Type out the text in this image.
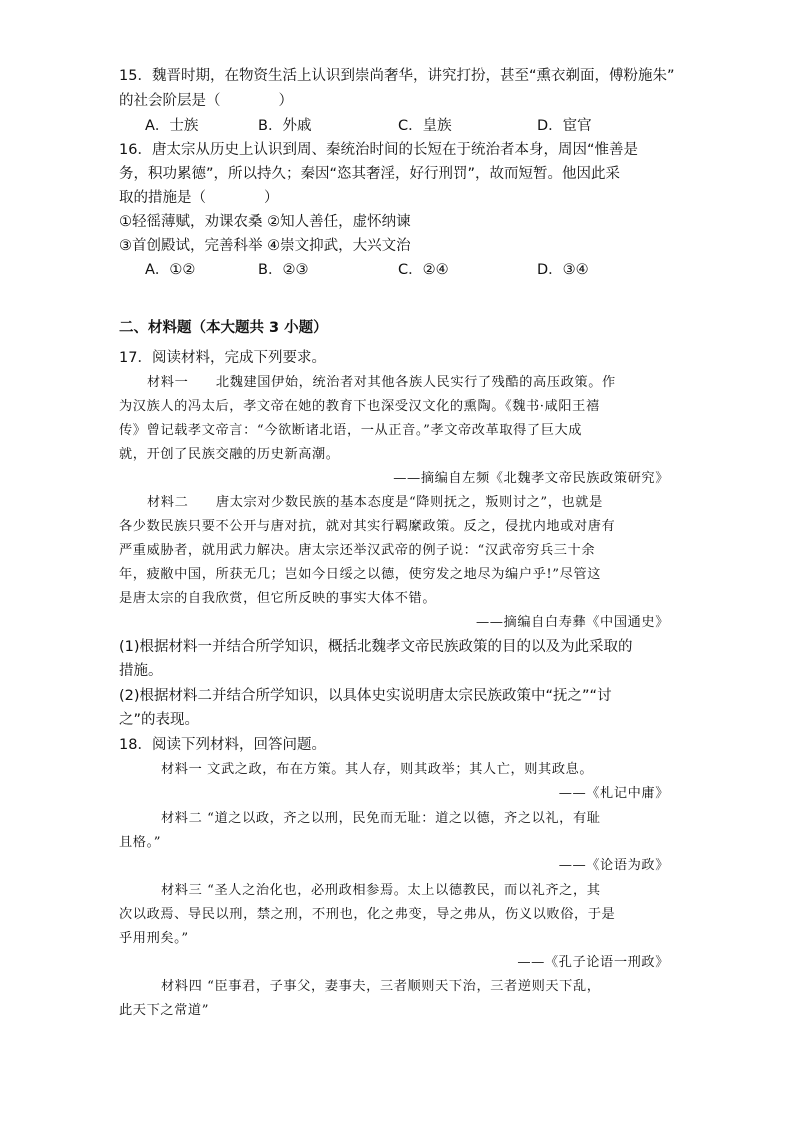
15．魏晋时期，在物资生活上认识到崇尚奢华，讲究打扮，甚至“熏衣剃面，傅粉施朱”
的社会阶层是（　　　　）
A．士族	B．外戚	C．皇族	D．宦官
16．唐太宗从历史上认识到周、秦统治时间的长短在于统治者本身，周因“惟善是
务，积功累德”，所以持久；秦因“恣其奢淫，好行刑罚”，故而短暂。他因此采
取的措施是（　　　　）
①轻徭薄赋，劝课农桑 ②知人善任，虚怀纳谏
③首创殿试，完善科举 ④崇文抑武，大兴文治
A．①②	B．②③	C．②④	D．③④
二、材料题（本大题共 3 小题）
17．阅读材料，完成下列要求。
材料一　　北魏建国伊始，统治者对其他各族人民实行了残酷的高压政策。作
为汉族人的冯太后，孝文帝在她的教育下也深受汉文化的熏陶。《魏书·咸阳王禧
传》曾记载孝文帝言：“今欲断诸北语，一从正音。”孝文帝改革取得了巨大成
就，开创了民族交融的历史新高潮。
——摘编自左频《北魏孝文帝民族政策研究》
材料二　　唐太宗对少数民族的基本态度是“降则抚之，叛则讨之”，也就是
各少数民族只要不公开与唐对抗，就对其实行羁縻政策。反之，侵扰内地或对唐有
严重威胁者，就用武力解决。唐太宗还举汉武帝的例子说：“汉武帝穷兵三十余
年，疲敝中国，所获无几；岂如今日绥之以德，使穷发之地尽为编户乎!”尽管这
是唐太宗的自我欣赏，但它所反映的事实大体不错。
——摘编自白寿彝《中国通史》
(1)根据材料一并结合所学知识，概括北魏孝文帝民族政策的目的以及为此采取的
措施。
(2)根据材料二并结合所学知识，以具体史实说明唐太宗民族政策中“抚之”“讨
之”的表现。
18．阅读下列材料，回答问题。
材料一 文武之政，布在方策。其人存，则其政举；其人亡，则其政息。
——《札记中庸》
材料二 “道之以政，齐之以刑，民免而无耻：道之以德，齐之以礼，有耻
且格。”
——《论语为政》
材料三 “圣人之治化也，必刑政相参焉。太上以德教民，而以礼齐之，其
次以政焉、导民以刑，禁之刑，不刑也，化之弗变，导之弗从，伤义以败俗，于是
乎用刑矣。”
——《孔子论语一刑政》
材料四 “臣事君，子事父，妻事夫，三者顺则天下治，三者逆则天下乱，
此天下之常道”
